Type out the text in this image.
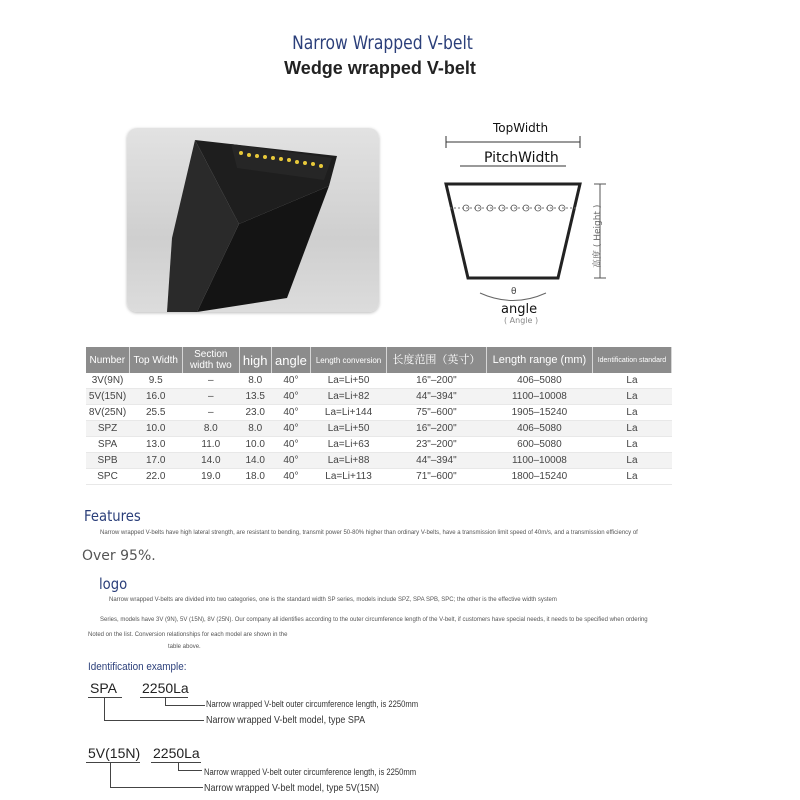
Narrow Wrapped V-belt
Wedge wrapped V-belt
θ
TopWidth
PitchWidth
angle
( Angle )
高度 ( Height )
Number	Top Width	Section width two	high	angle	Length conversion	长度范围（英寸）	Length range (mm)	Identification standard
3V(9N)	9.5	–	8.0	40°	La=Li+50	16"–200"	406–5080	La
5V(15N)	16.0	–	13.5	40°	La=Li+82	44"–394"	1100–10008	La
8V(25N)	25.5	–	23.0	40°	La=Li+144	75"–600"	1905–15240	La
SPZ	10.0	8.0	8.0	40°	La=Li+50	16"–200"	406–5080	La
SPA	13.0	11.0	10.0	40°	La=Li+63	23"–200"	600–5080	La
SPB	17.0	14.0	14.0	40°	La=Li+88	44"–394"	1100–10008	La
SPC	22.0	19.0	18.0	40°	La=Li+113	71"–600"	1800–15240	La
Features
Narrow wrapped V-belts have high lateral strength, are resistant to bending, transmit power 50-80% higher than ordinary V-belts, have a transmission limit speed of 40m/s, and a transmission efficiency of
Over 95%.
logo
Narrow wrapped V-belts are divided into two categories, one is the standard width SP series, models include SPZ, SPA SPB, SPC; the other is the effective width system
Series, models have 3V (9N), 5V (15N), 8V (25N). Our company all identifies according to the outer circumference length of the V-belt, if customers have special needs, it needs to be specified when ordering
Noted on the list. Conversion relationships for each model are shown in the
table above.
Identification example:
SPA 2250La
Narrow wrapped V-belt outer circumference length, is 2250mm
Narrow wrapped V-belt model, type SPA
5V(15N) 2250La
Narrow wrapped V-belt outer circumference length, is 2250mm
Narrow wrapped V-belt model, type 5V(15N)
